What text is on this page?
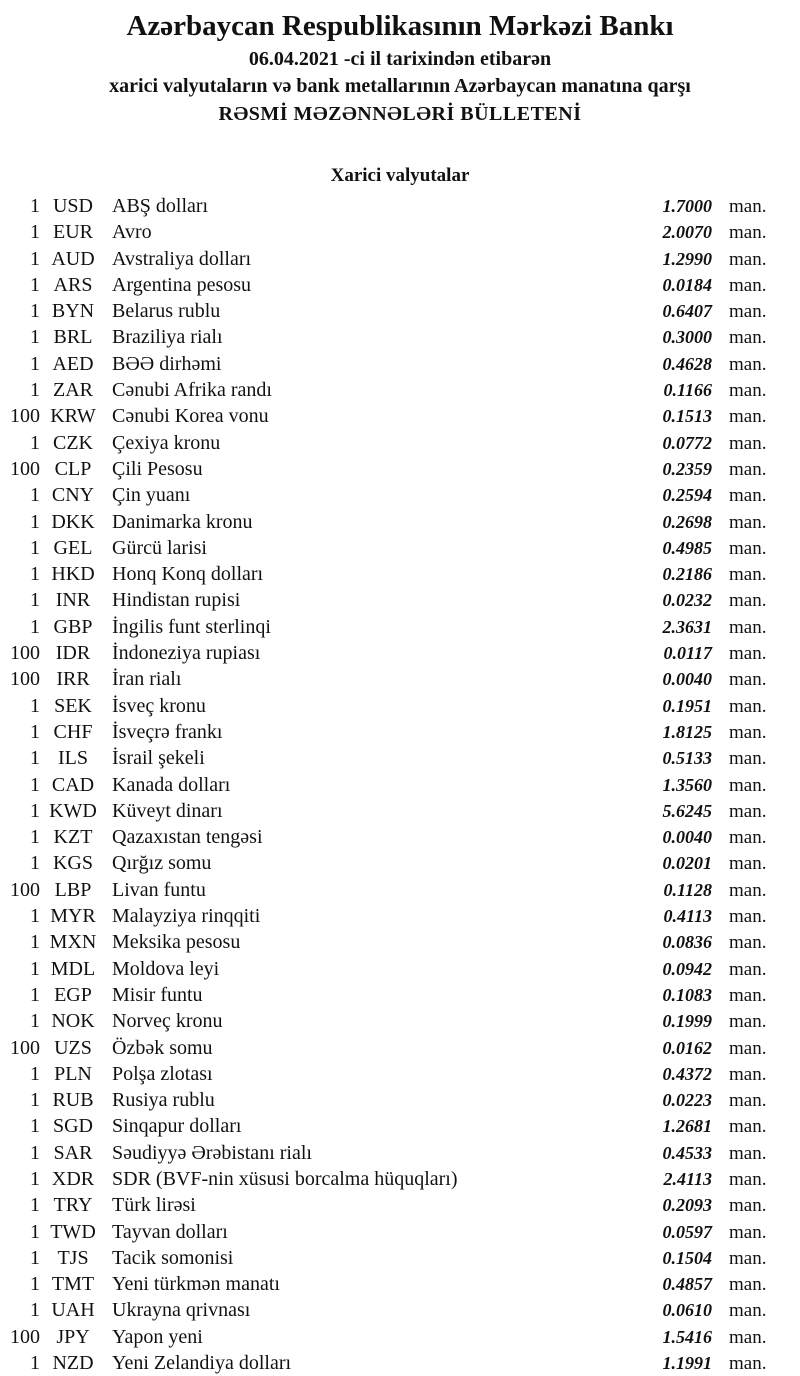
Azərbaycan Respublikasının Mərkəzi Bankı
06.04.2021 -ci il tarixindən etibarən
xarici valyutaların və bank metallarının Azərbaycan manatına qarşı
RƏSMİ MƏZƏNNƏLƏRİ BÜLLETENİ
Xarici valyutalar
1 USD ABŞ dolları	1.7000 man.
1 EUR Avro	2.0070 man.
1 AUD Avstraliya dolları	1.2990 man.
1 ARS Argentina pesosu	0.0184 man.
1 BYN Belarus rublu	0.6407 man.
1 BRL Braziliya rialı	0.3000 man.
1 AED BƏƏ dirhəmi	0.4628 man.
1 ZAR Cənubi Afrika randı	0.1166 man.
100 KRW Cənubi Korea vonu	0.1513 man.
1 CZK Çexiya kronu	0.0772 man.
100 CLP	Çili Pesosu	0.2359 man.
1 CNY Çin yuanı	0.2594 man.
1 DKK Danimarka kronu	0.2698 man.
1 GEL Gürcü larisi	0.4985 man.
1 HKD Honq Konq dolları	0.2186 man.
1 INR	Hindistan rupisi	0.0232 man.
1 GBP İngilis funt sterlinqi	2.3631 man.
100 IDR	İndoneziya rupiası	0.0117 man.
100 IRR	İran rialı	0.0040 man.
1 SEK	İsveç kronu	0.1951 man.
1 CHF İsveçrə frankı	1.8125 man.
1 ILS	İsrail şekeli	0.5133 man.
1 CAD Kanada dolları	1.3560 man.
1 KWD Küveyt dinarı	5.6245 man.
1 KZT Qazaxıstan tengəsi	0.0040 man.
1 KGS Qırğız somu	0.0201 man.
100 LBP	Livan funtu	0.1128 man.
1 MYR Malayziya rinqqiti	0.4113 man.
1 MXN Meksika pesosu	0.0836 man.
1 MDL Moldova leyi	0.0942 man.
1 EGP	Misir funtu	0.1083 man.
1 NOK Norveç kronu	0.1999 man.
100 UZS	Özbək somu	0.0162 man.
1 PLN	Polşa zlotası	0.4372 man.
1 RUB Rusiya rublu	0.0223 man.
1 SGD Sinqapur dolları	1.2681 man.
1 SAR Səudiyyə Ərəbistanı rialı	0.4533 man.
1 XDR SDR (BVF-nin xüsusi borcalma hüquqları)	2.4113 man.
1 TRY Türk lirəsi	0.2093 man.
1 TWD Tayvan dolları	0.0597 man.
1 TJS	Tacik somonisi	0.1504 man.
1 TMT Yeni türkmən manatı	0.4857 man.
1 UAH Ukrayna qrivnası	0.0610 man.
100 JPY	Yapon yeni	1.5416 man.
1 NZD Yeni Zelandiya dolları	1.1991 man.
